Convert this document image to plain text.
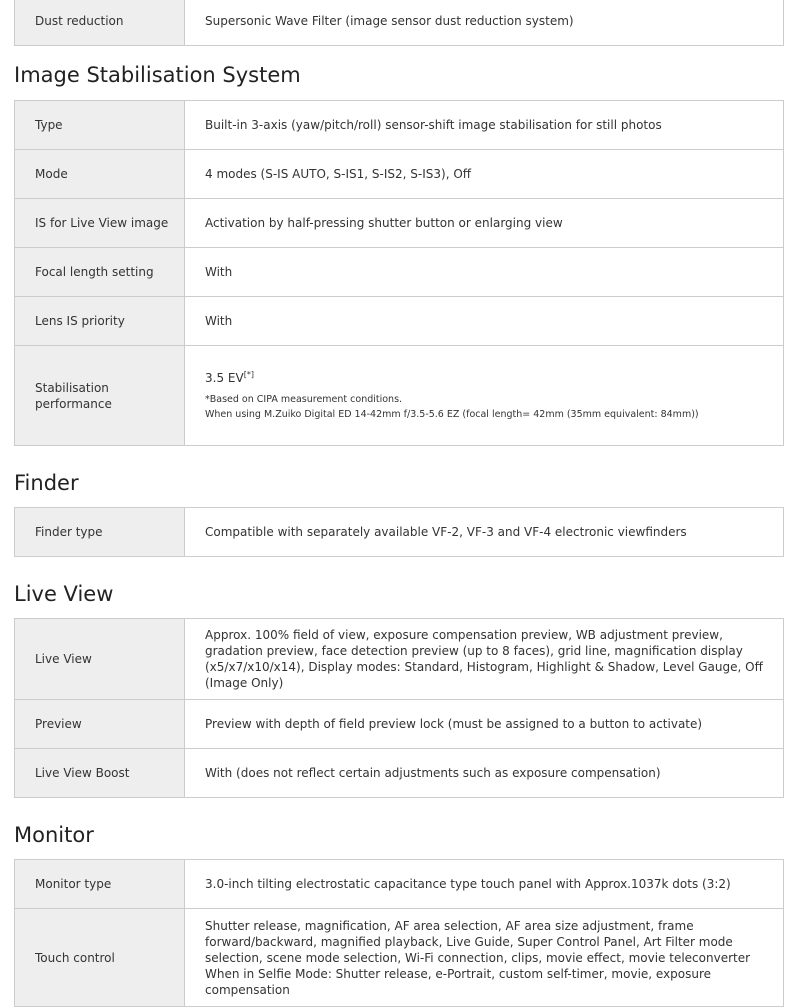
Dust reduction	Supersonic Wave Filter (image sensor dust reduction system)
Image Stabilisation System
Type	Built-in 3-axis (yaw/pitch/roll) sensor-shift image stabilisation for still photos
Mode	4 modes (S-IS AUTO, S-IS1, S-IS2, S-IS3), Off
IS for Live View image	Activation by half-pressing shutter button or enlarging view
Focal length setting	With
Lens IS priority	With
Stabilisation performance	3.5 EV[*]
*Based on CIPA measurement conditions.
When using M.Zuiko Digital ED 14-42mm f/3.5-5.6 EZ (focal length= 42mm (35mm equivalent: 84mm))
Finder
Finder type	Compatible with separately available VF-2, VF-3 and VF-4 electronic viewfinders
Live View
Live View	Approx. 100% field of view, exposure compensation preview, WB adjustment preview, gradation preview, face detection preview (up to 8 faces), grid line, magnification display (x5/x7/x10/x14), Display modes: Standard, Histogram, Highlight & Shadow, Level Gauge, Off (Image Only)
Preview	Preview with depth of field preview lock (must be assigned to a button to activate)
Live View Boost	With (does not reflect certain adjustments such as exposure compensation)
Monitor
Monitor type	3.0-inch tilting electrostatic capacitance type touch panel with Approx.1037k dots (3:2)
Touch control	Shutter release, magnification, AF area selection, AF area size adjustment, frame forward/backward, magnified playback, Live Guide, Super Control Panel, Art Filter mode selection, scene mode selection, Wi-Fi connection, clips, movie effect, movie teleconverter
When in Selfie Mode: Shutter release, e-Portrait, custom self-timer, movie, exposure compensation
